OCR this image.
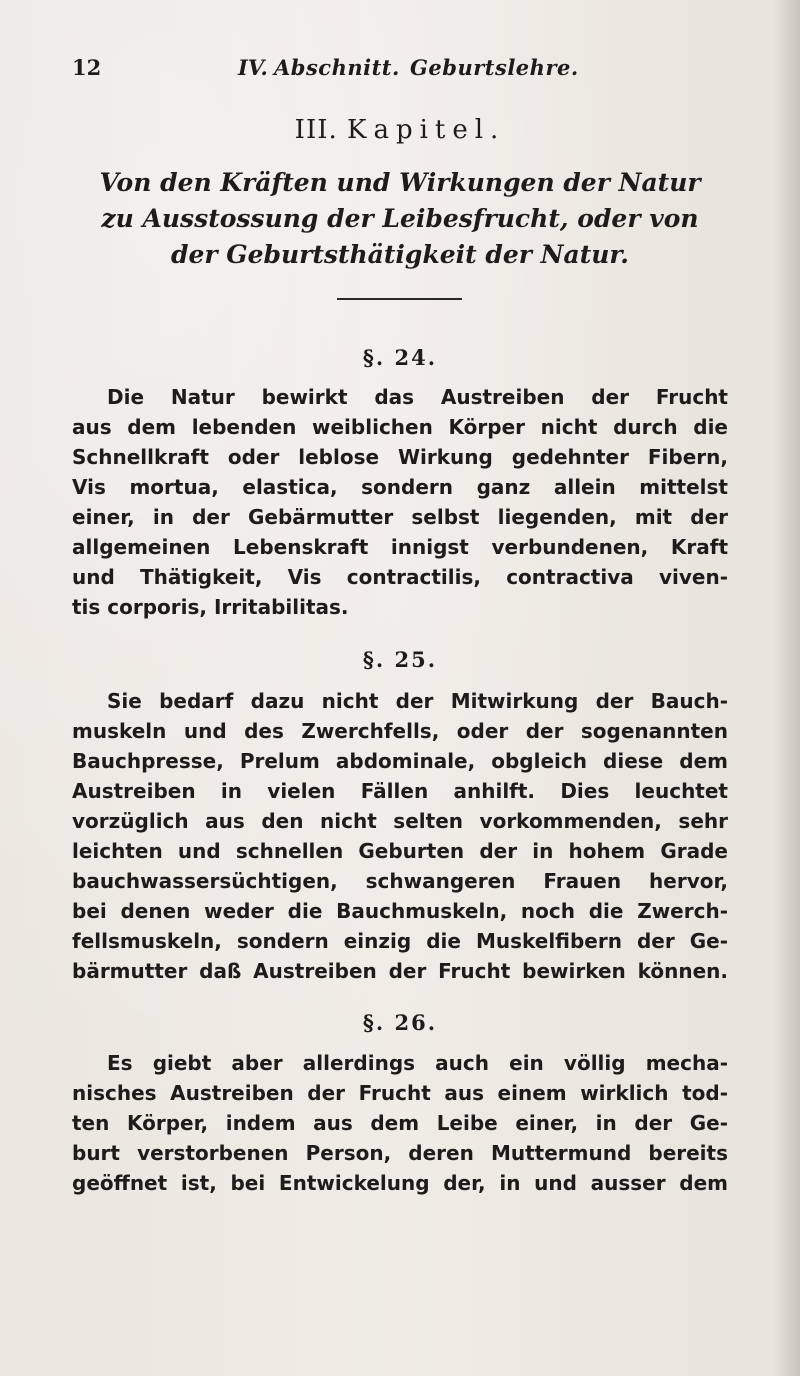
12	IV. Abschnitt. Geburtslehre.
III. Kapitel.
Von den Kräften und Wirkungen der Natur
zu Ausstossung der Leibesfrucht, oder von
der Geburtsthätigkeit der Natur.
§. 24.
Die Natur bewirkt das Austreiben der Frucht
aus dem lebenden weiblichen Körper nicht durch die
Schnellkraft oder leblose Wirkung gedehnter Fibern,
Vis mortua, elastica, sondern ganz allein mittelst
einer, in der Gebärmutter selbst liegenden, mit der
allgemeinen Lebenskraft innigst verbundenen, Kraft
und Thätigkeit, Vis contractilis, contractiva viven-
tis corporis, Irritabilitas.
§. 25.
Sie bedarf dazu nicht der Mitwirkung der Bauch-
muskeln und des Zwerchfells, oder der sogenannten
Bauchpresse, Prelum abdominale, obgleich diese dem
Austreiben in vielen Fällen anhilft. Dies leuchtet
vorzüglich aus den nicht selten vorkommenden, sehr
leichten und schnellen Geburten der in hohem Grade
bauchwassersüchtigen, schwangeren Frauen hervor,
bei denen weder die Bauchmuskeln, noch die Zwerch-
fellsmuskeln, sondern einzig die Muskelfibern der Ge-
bärmutter daß Austreiben der Frucht bewirken können.
§. 26.
Es giebt aber allerdings auch ein völlig mecha-
nisches Austreiben der Frucht aus einem wirklich tod-
ten Körper, indem aus dem Leibe einer, in der Ge-
burt verstorbenen Person, deren Muttermund bereits
geöffnet ist, bei Entwickelung der, in und ausser dem
